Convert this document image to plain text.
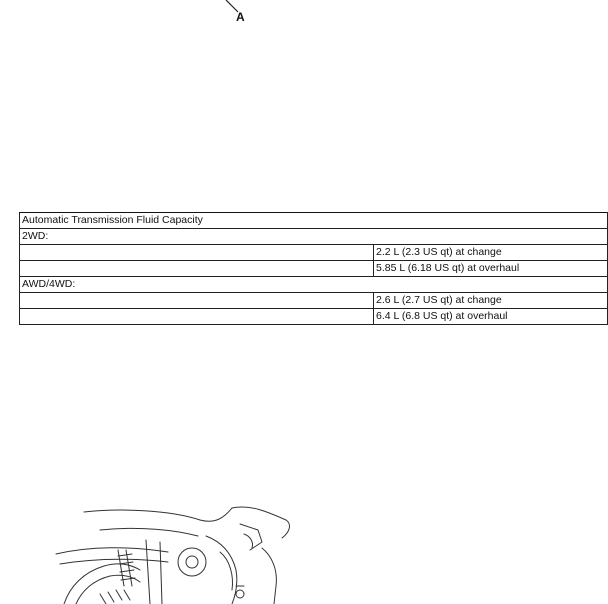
A
Automatic Transmission Fluid Capacity	
2WD:	
	2.2 L (2.3 US qt) at change
	5.85 L (6.18 US qt) at overhaul
AWD/4WD:	
	2.6 L (2.7 US qt) at change
	6.4 L (6.8 US qt) at overhaul
